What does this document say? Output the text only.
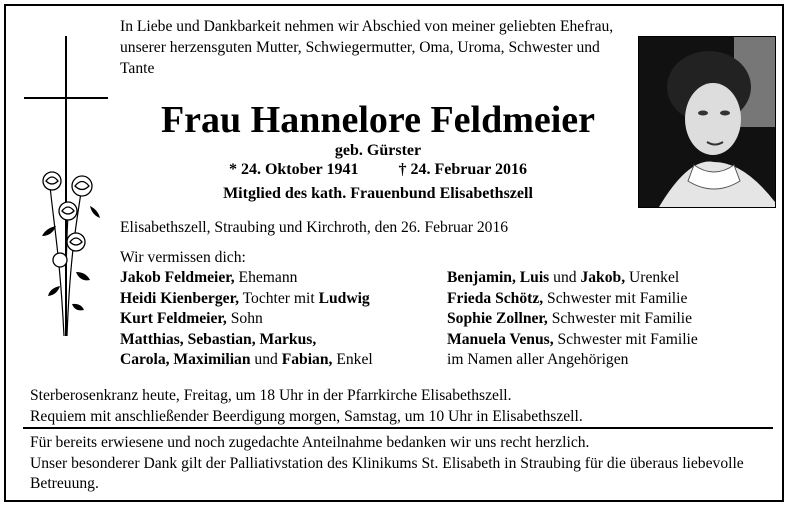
In Liebe und Dankbarkeit nehmen wir Abschied von meiner geliebten Ehefrau, unserer herzensguten Mutter, Schwiegermutter, Oma, Uroma, Schwester und Tante
Frau Hannelore Feldmeier
geb. Gürster
* 24. Oktober 1941	† 24. Februar 2016
Mitglied des kath. Frauenbund Elisabethszell
Elisabethszell, Straubing und Kirchroth, den 26. Februar 2016
Wir vermissen dich:
Jakob Feldmeier, Ehemann
Heidi Kienberger, Tochter mit Ludwig
Kurt Feldmeier, Sohn
Matthias, Sebastian, Markus,
Carola, Maximilian und Fabian, Enkel
Benjamin, Luis und Jakob, Urenkel
Frieda Schötz, Schwester mit Familie
Sophie Zollner, Schwester mit Familie
Manuela Venus, Schwester mit Familie
im Namen aller Angehörigen
Sterberosenkranz heute, Freitag, um 18 Uhr in der Pfarrkirche Elisabethszell.
Requiem mit anschließender Beerdigung morgen, Samstag, um 10 Uhr in Elisabethszell.
Für bereits erwiesene und noch zugedachte Anteilnahme bedanken wir uns recht herzlich.
Unser besonderer Dank gilt der Palliativstation des Klinikums St. Elisabeth in Straubing für die überaus liebevolle Betreuung.
